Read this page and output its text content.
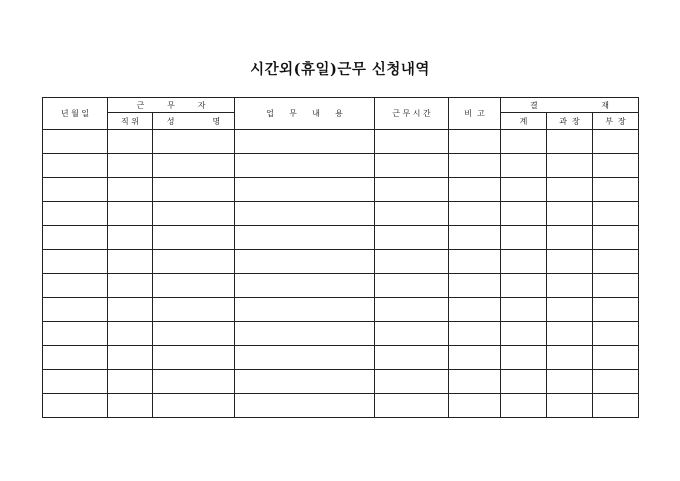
시간외(휴일)근무 신청내역
년 월 일	근         무         자		업      무      내      용	근 무 시 간	비  고	결                         재		
	직 위	성               명				계	과  장	부  장
